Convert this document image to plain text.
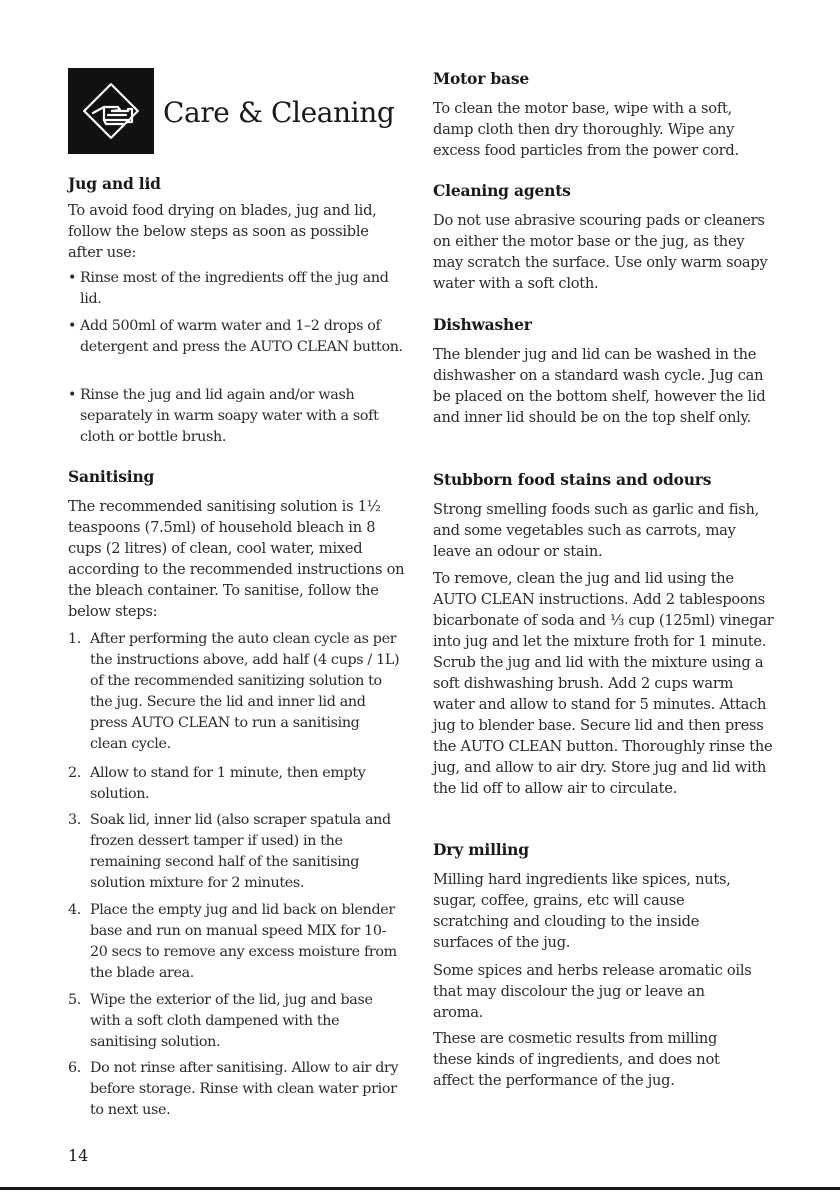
Care & Cleaning
Jug and lid

To avoid food drying on blades, jug and lid, follow the below steps as soon as possible after use:

• Rinse most of the ingredients off the jug and lid.
• Add 500ml of warm water and 1–2 drops of detergent and press the AUTO CLEAN button.
• Rinse the jug and lid again and/or wash separately in warm soapy water with a soft cloth or bottle brush.
Sanitising

The recommended sanitising solution is 1½ teaspoons (7.5ml) of household bleach in 8 cups (2 litres) of clean, cool water, mixed according to the recommended instructions on the bleach container. To sanitise, follow the below steps:

1. After performing the auto clean cycle as per the instructions above, add half (4 cups / 1L) of the recommended sanitizing solution to the jug. Secure the lid and inner lid and press AUTO CLEAN to run a sanitising clean cycle.
2. Allow to stand for 1 minute, then empty solution.
3. Soak lid, inner lid (also scraper spatula and frozen dessert tamper if used) in the remaining second half of the sanitising solution mixture for 2 minutes.
4. Place the empty jug and lid back on blender base and run on manual speed MIX for 10-20 secs to remove any excess moisture from the blade area.
5. Wipe the exterior of the lid, jug and base with a soft cloth dampened with the sanitising solution.
6. Do not rinse after sanitising. Allow to air dry before storage. Rinse with clean water prior to next use.
14
Motor base

To clean the motor base, wipe with a soft, damp cloth then dry thoroughly. Wipe any excess food particles from the power cord.

Cleaning agents

Do not use abrasive scouring pads or cleaners on either the motor base or the jug, as they may scratch the surface. Use only warm soapy water with a soft cloth.

Dishwasher

The blender jug and lid can be washed in the dishwasher on a standard wash cycle. Jug can be placed on the bottom shelf, however the lid and inner lid should be on the top shelf only.

Stubborn food stains and odours

Strong smelling foods such as garlic and fish, and some vegetables such as carrots, may leave an odour or stain.

To remove, clean the jug and lid using the AUTO CLEAN instructions. Add 2 tablespoons bicarbonate of soda and ⅓ cup (125ml) vinegar into jug and let the mixture froth for 1 minute. Scrub the jug and lid with the mixture using a soft dishwashing brush. Add 2 cups warm water and allow to stand for 5 minutes. Attach jug to blender base. Secure lid and then press the AUTO CLEAN button. Thoroughly rinse the jug, and allow to air dry. Store jug and lid with the lid off to allow air to circulate.

Dry milling

Milling hard ingredients like spices, nuts, sugar, coffee, grains, etc will cause scratching and clouding to the inside surfaces of the jug.

Some spices and herbs release aromatic oils that may discolour the jug or leave an aroma.

These are cosmetic results from milling these kinds of ingredients, and does not affect the performance of the jug.
